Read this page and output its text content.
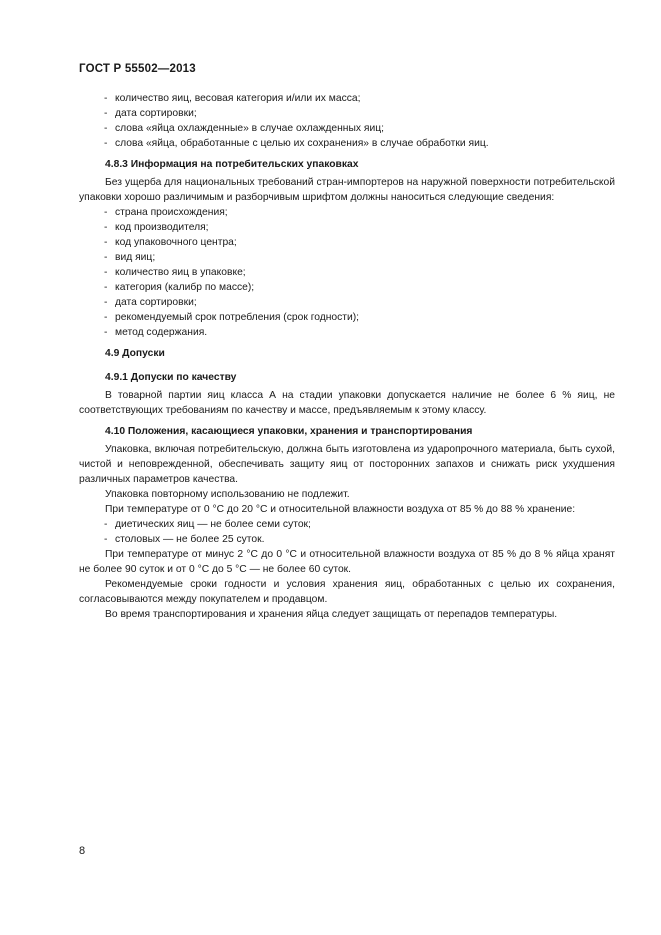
ГОСТ Р 55502—2013
- количество яиц, весовая категория и/или их масса;
- дата сортировки;
- слова «яйца охлажденные» в случае охлажденных яиц;
- слова «яйца, обработанные с целью их сохранения» в случае обработки яиц.
4.8.3 Информация на потребительских упаковках
Без ущерба для национальных требований стран-импортеров на наружной поверхности потребительской упаковки хорошо различимым и разборчивым шрифтом должны наноситься следующие сведения:
- страна происхождения;
- код производителя;
- код упаковочного центра;
- вид яиц;
- количество яиц в упаковке;
- категория (калибр по массе);
- дата сортировки;
- рекомендуемый срок потребления (срок годности);
- метод содержания.
4.9 Допуски
4.9.1 Допуски по качеству
В товарной партии яиц класса А на стадии упаковки допускается наличие не более 6 % яиц, не соответствующих требованиям по качеству и массе, предъявляемым к этому классу.
4.10 Положения, касающиеся упаковки, хранения и транспортирования
Упаковка, включая потребительскую, должна быть изготовлена из ударопрочного материала, быть сухой, чистой и неповрежденной, обеспечивать защиту яиц от посторонних запахов и снижать риск ухудшения различных параметров качества.
Упаковка повторному использованию не подлежит.
При температуре от 0 °С до 20 °С и относительной влажности воздуха от 85 % до 88 % хранение:
- диетических яиц — не более семи суток;
- столовых — не более 25 суток.
При температуре от минус 2 °С до 0 °С и относительной влажности воздуха от 85 % до 8 % яйца хранят не более 90 суток и от 0 °С до 5 °С — не более 60 суток.
Рекомендуемые сроки годности и условия хранения яиц, обработанных с целью их сохранения, согласовываются между покупателем и продавцом.
Во время транспортирования и хранения яйца следует защищать от перепадов температуры.
8
